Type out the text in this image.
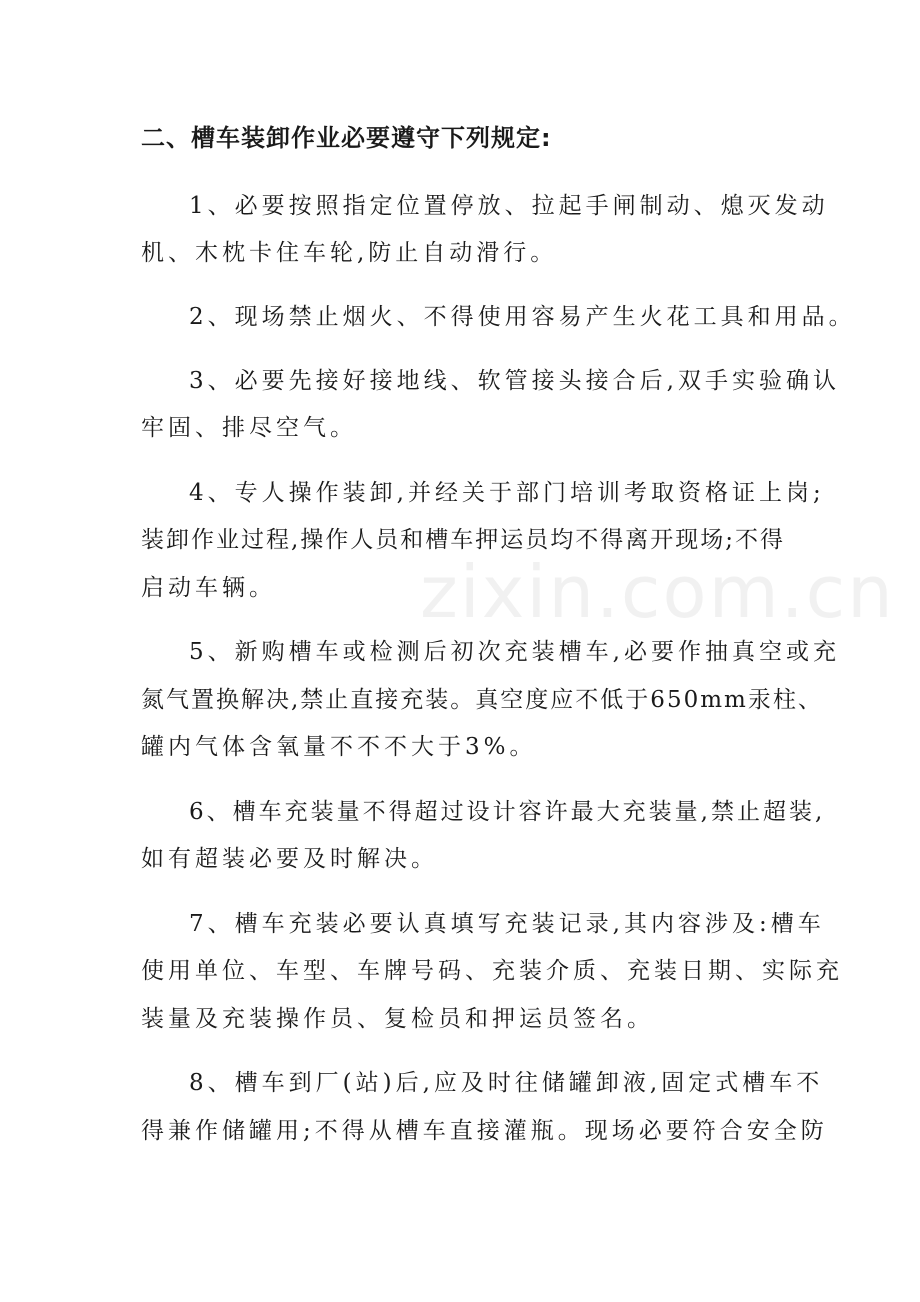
zixin.com.cn
二、槽车装卸作业必要遵守下列规定:
1、必要按照指定位置停放、拉起手闸制动、熄灭发动
机、木枕卡住车轮,防止自动滑行。
2、现场禁止烟火、不得使用容易产生火花工具和用品。
3、必要先接好接地线、软管接头接合后,双手实验确认
牢固、排尽空气。
4、专人操作装卸,并经关于部门培训考取资格证上岗;
装卸作业过程,操作人员和槽车押运员均不得离开现场;不得
启动车辆。
5、新购槽车或检测后初次充装槽车,必要作抽真空或充
氮气置换解决,禁止直接充装。真空度应不低于650mm汞柱、
罐内气体含氧量不不不大于3%。
6、槽车充装量不得超过设计容许最大充装量,禁止超装,
如有超装必要及时解决。
7、槽车充装必要认真填写充装记录,其内容涉及:槽车
使用单位、车型、车牌号码、充装介质、充装日期、实际充
装量及充装操作员、复检员和押运员签名。
8、槽车到厂(站)后,应及时往储罐卸液,固定式槽车不
得兼作储罐用;不得从槽车直接灌瓶。现场必要符合安全防
